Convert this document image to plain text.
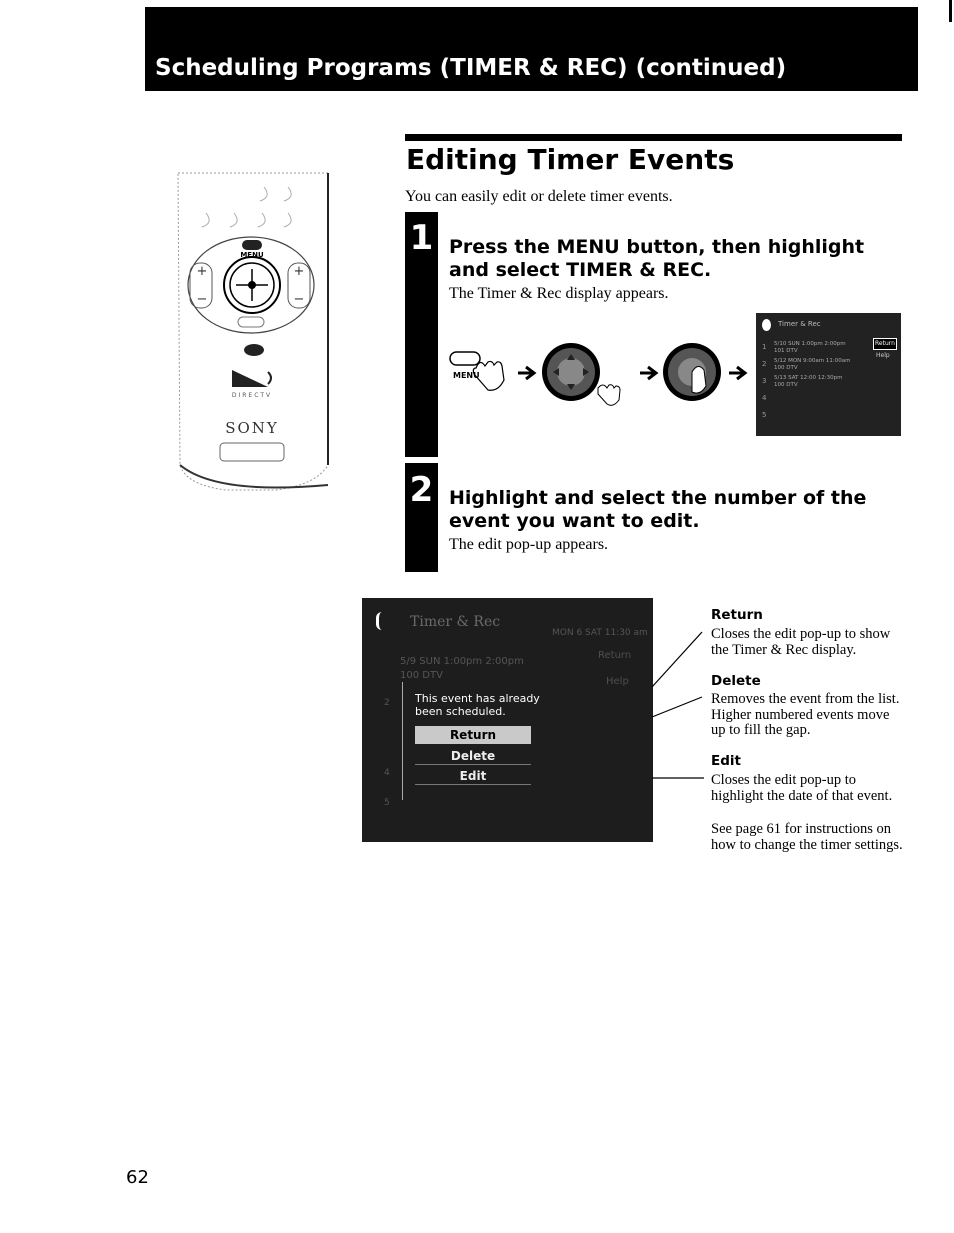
Scheduling Programs (TIMER & REC) (continued)
+	+
−	−
MENU
DIRECTV
SONY
Editing Timer Events
You can easily edit or delete timer events.
1 Press the MENU button, then highlight and select TIMER & REC.
The Timer & Rec display appears.
MENU
Timer & Rec
Return
Help
1 5/10 SUN 1:00pm 2:00pm
101 DTV
2 5/12 MON 9:00am 11:00am
100 DTV
3 5/13 SAT 12:00 12:30pm
100 DTV
4
5
2 Highlight and select the number of the event you want to edit.
The edit pop-up appears.
Timer & Rec
MON 6 SAT 11:30 am
5/9 SUN 1:00pm 2:00pm
100 DTV
Return
Help
2
4
5
This event has already been scheduled.
Return
Delete
Edit
Return
Closes the edit pop-up to show the Timer & Rec display.
Delete
Removes the event from the list. Higher numbered events move up to fill the gap.
Edit
Closes the edit pop-up to highlight the date of that event.
See page 61 for instructions on how to change the timer settings.
62
